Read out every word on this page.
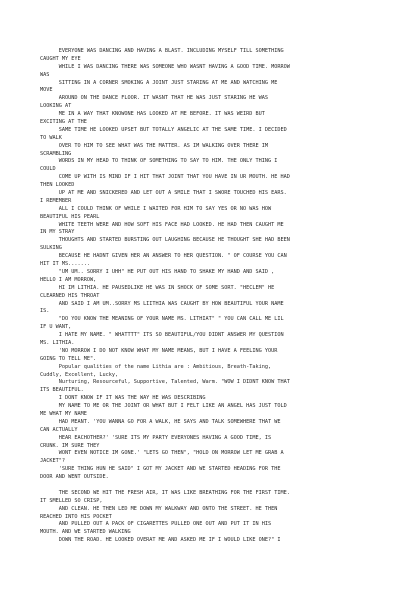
EVERYONE WAS DANCING AND HAVING A BLAST. INCLUDING MYSELF TILL SOMETHING
CAUGHT MY EYE
WHILE I WAS DANCING THERE WAS SOMEONE WHO WASNT HAVING A GOOD TIME. MORROW
WAS
SITTING IN A CORNER SMOKING A JOINT JUST STARING AT ME AND WATCHING ME
MOVE
AROUND ON THE DANCE FLOOR. IT WASNT THAT HE WAS JUST STARING HE WAS
LOOKING AT
ME IN A WAY THAT KNOWONE HAS LOOKED AT ME BEFORE. IT WAS WEIRD BUT
EXCITING AT THE
SAME TIME HE LOOKED UPSET BUT TOTALLY ANGELIC AT THE SAME TIME. I DECIDED
TO WALK
OVER TO HIM TO SEE WHAT WAS THE MATTER. AS IM WALKING OVER THERE IM
SCRAMBLING
WORDS IN MY HEAD TO THINK OF SOMETHING TO SAY TO HIM. THE ONLY THING I
COULD
COME UP WITH IS MIND IF I HIT THAT JOINT THAT YOU HAVE IN UR MOUTH. HE HAD
THEN LOOKED
UP AT ME AND SNICKERED AND LET OUT A SMILE THAT I SWORE TOUCHED HIS EARS.
I REMEMBER
ALL I COULD THINK OF WHILE I WAITED FOR HIM TO SAY YES OR NO WAS HOW
BEAUTIFUL HIS PEARL
WHITE TEETH WERE AND HOW SOFT HIS FACE HAD LOOKED. HE HAD THEN CAUGHT ME
IN MY STRAY
THOUGHTS AND STARTED BURSTING OUT LAUGHING BECAUSE HE THOUGHT SHE HAD BEEN
SULKING
BECAUSE HE HADNT GIVEN HER AN ANSWER TO HER QUESTION. " OF COURSE YOU CAN
HIT IT MS.......
"UM UM.. SORRY I UHH" HE PUT OUT HIS HAND TO SHAKE MY HAND AND SAID ,
HELLO I AM MORROW,
HI IM LITHIA. HE PAUSEDLIKE HE WAS IN SHOCK OF SOME SORT. "HECLEM" HE
CLEARNED HIS THROAT
AND SAID I AM UM..SORRY MS LIITHIA WAS CAUGHT BY HOW BEAUTIFUL YOUR NAME
IS.
"DO YOU KNOW THE MEANING OF YOUR NAME MS. LITHIAT" " YOU CAN CALL ME LIL
IF U WANT,
I HATE MY NAME. " WHATTTT" ITS SO BEAUTIFUL/YOU DIDNT ANSWER MY QUESTION
MS. LITHIA.
'NO MORROW I DO NOT KNOW WHAT MY NAME MEANS, BUT I HAVE A FEELING YOUR
GOING TO TELL ME".
Popular qualities of the name Lithia are : Ambitious, Breath-Taking,
Cuddly, Excellent, Lucky,
Nurturing, Resourceful, Supportive, Talented, Warm. "WOW I DIDNT KNOW THAT
ITS BEAUTIFUL.
I DONT KNOW IF IT WAS THE WAY HE WAS DESCRIBING
MY NAME TO ME OR THE JOINT OR WHAT BUT I FELT LIKE AN ANGEL HAS JUST TOLD
ME WHAT MY NAME
HAD MEANT. 'YOU WANNA GO FOR A WALK, HE SAYS AND TALK SOMEWHERE THAT WE
CAN ACTUALLY
HEAR EACHOTHER?' 'SURE ITS MY PARTY EVERYONES HAVING A GOOD TIME, IS
CRUNK. IM SURE THEY
WONT EVEN NOTICE IM GONE.' "LETS GO THEN", "HOLD ON MORROW LET ME GRAB A
JACKET"?
'SURE THING HUN HE SAID" I GOT MY JACKET AND WE STARTED HEADING FOR THE
DOOR AND WENT OUTSIDE.
THE SECOND WE HIT THE FRESH AIR, IT WAS LIKE BREATHING FOR THE FIRST TIME.
IT SMELLED SO CRISP,
AND CLEAN. HE THEN LED ME DOWN MY WALKWAY AND ONTO THE STREET. HE THEN
REACHED INTO HIS POCKET
AND PULLED OUT A PACK OF CIGARETTES PULLED ONE OUT AND PUT IT IN HIS
MOUTH. AND WE STARTED WALKING
DOWN THE ROAD. HE LOOKED OVERAT ME AND ASKED ME IF I WOULD LIKE ONE?" I
